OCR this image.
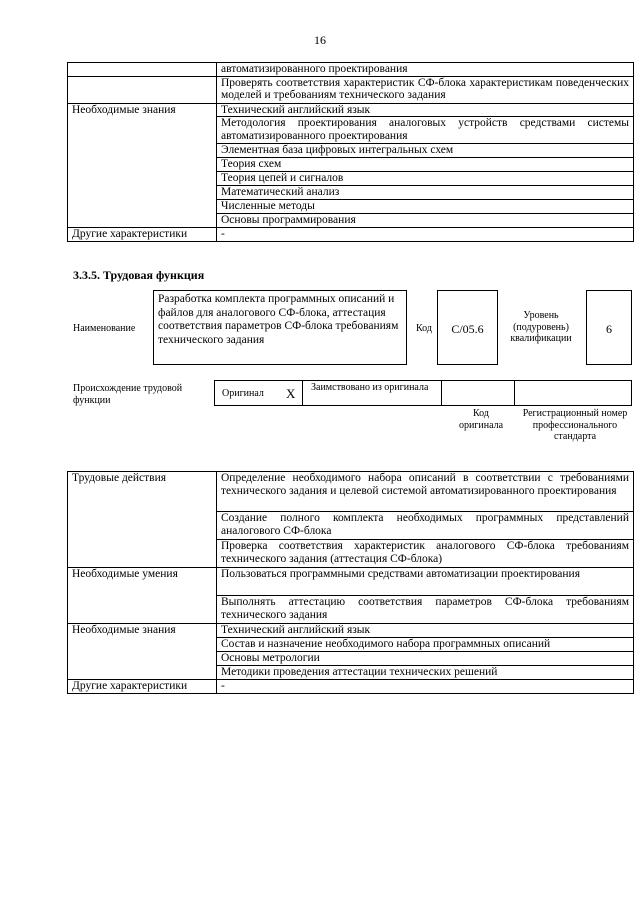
16
	автоматизированного проектирования
	Проверять соответствия характеристик СФ-блока характеристикам поведенческих моделей и требованиям технического задания
Необходимые знания	Технический английский язык
	Методология проектирования аналоговых устройств средствами системы автоматизированного проектирования
	Элементная база цифровых интегральных схем
	Теория схем
	Теория цепей и сигналов
	Математический анализ
	Численные методы
	Основы программирования
Другие характеристики	-
3.3.5. Трудовая функция
Наименование
Разработка комплекта программных описаний и файлов для аналогового СФ-блока, аттестация соответствия параметров СФ-блока требованиям технического задания
Код	C/05.6
Уровень (подуровень) квалификации
6
Происхождение трудовой функции
Оригинал X Заимствовано из оригинала
Код оригинала
Регистрационный номер профессионального стандарта
Трудовые действия	Определение необходимого набора описаний в соответствии с требованиями технического задания и целевой системой автоматизированного проектирования
	Создание полного комплекта необходимых программных представлений аналогового СФ-блока
	Проверка соответствия характеристик аналогового СФ-блока требованиям технического задания (аттестация СФ-блока)
Необходимые умения	Пользоваться программными средствами автоматизации проектирования
	Выполнять аттестацию соответствия параметров СФ-блока требованиям технического задания
Необходимые знания	Технический английский язык
	Состав и назначение необходимого набора программных описаний
	Основы метрологии
	Методики проведения аттестации технических решений
Другие характеристики	-
